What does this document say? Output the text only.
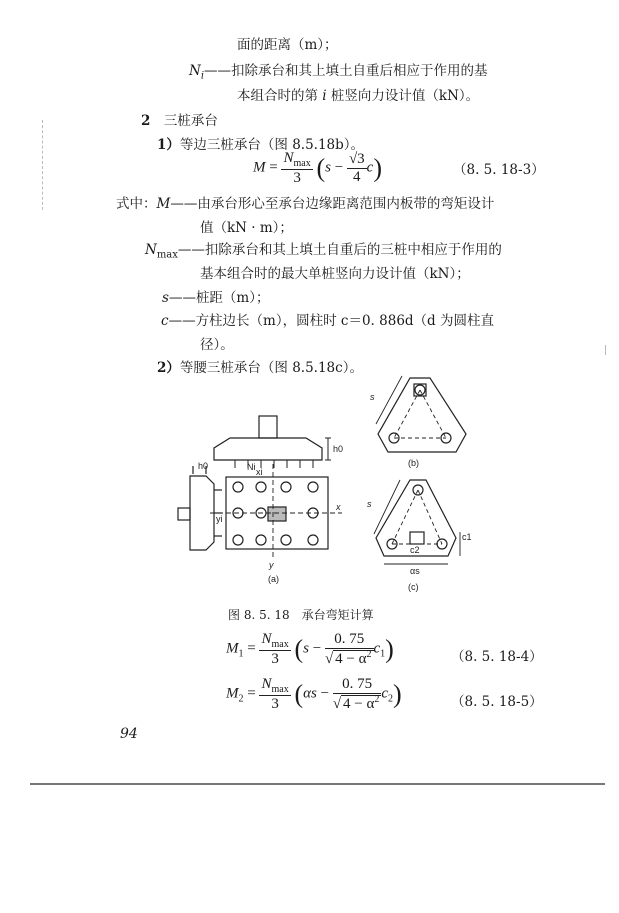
面的距离（m）；
$N_i——$扣除承台和其上填土自重后相应于作用的基
本组合时的第 i 桩竖向力设计值（kN）。
2　 三桩承台
1）等边三桩承台（图 8.5.18b）。
$M = \frac{N_{max}}{3} (s - \frac{√3}{4} c)$	（8. 5. 18-3）
式中：M——由承台形心至承台边缘距离范围内板带的弯矩设计
值（kN · m）；
$N_{max}——$扣除承台和其上填土自重后的三桩中相应于作用的
基本组合时的最大单桩竖向力设计值（kN）；
s——桩距（m）；
c——方柱边长（m），圆柱时 c＝0. 886d（d 为圆柱直
径）。
2）等腰三桩承台（图 8.5.18c）。
Ni xi
h0
h0
yi
x
y
(a)
s
(b)
s
c2
c1
αs
(c)
图 8. 5. 18　承台弯矩计算
$M_1 = \frac{N_{max}}{3} (s - \frac{0. 75}{√ 4 - \alpha^2} c_1)$	（8. 5. 18-4）
$M_2 = \frac{N_{max}}{3} (\alpha s - \frac{0. 75}{√ 4 - \alpha^2} c_2)$	（8. 5. 18-5）
94
